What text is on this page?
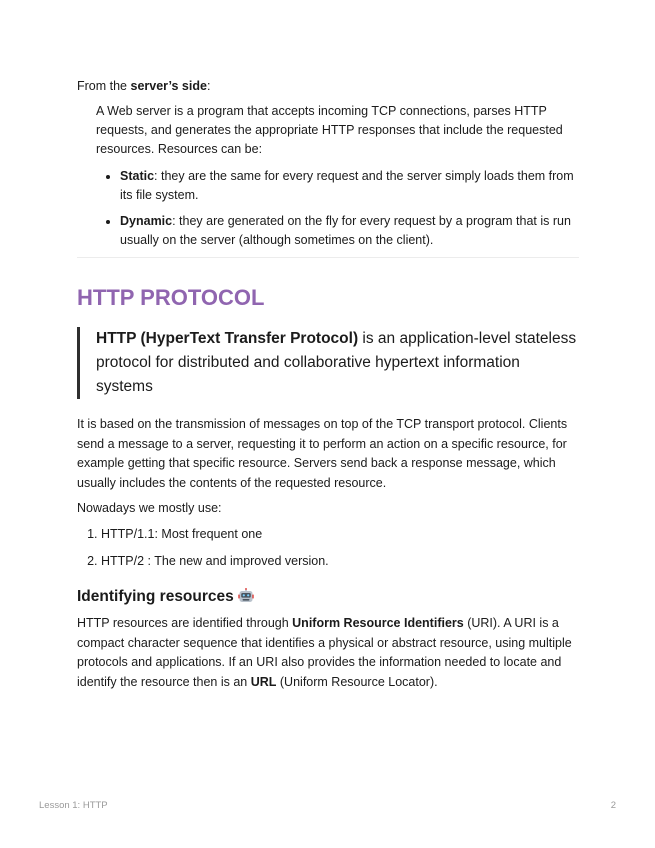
From the server’s side:

A Web server is a program that accepts incoming TCP connections, parses HTTP requests, and generates the appropriate HTTP responses that include the requested resources. Resources can be:

• Static: they are the same for every request and the server simply loads them from its file system.
• Dynamic: they are generated on the fly for every request by a program that is run usually on the server (although sometimes on the client).
HTTP PROTOCOL
HTTP (HyperText Transfer Protocol) is an application-level stateless protocol for distributed and collaborative hypertext information systems

It is based on the transmission of messages on top of the TCP transport protocol. Clients send a message to a server, requesting it to perform an action on a specific resource, for example getting that specific resource. Servers send back a response message, which usually includes the contents of the requested resource.

Nowadays we mostly use:

1. HTTP/1.1: Most frequent one
2. HTTP/2 : The new and improved version.
Identifying resources

HTTP resources are identified through Uniform Resource Identifiers (URI). A URI is a compact character sequence that identifies a physical or abstract resource, using multiple protocols and applications. If an URI also provides the information needed to locate and identify the resource then is an URL (Uniform Resource Locator).

Lesson 1: HTTP	2
